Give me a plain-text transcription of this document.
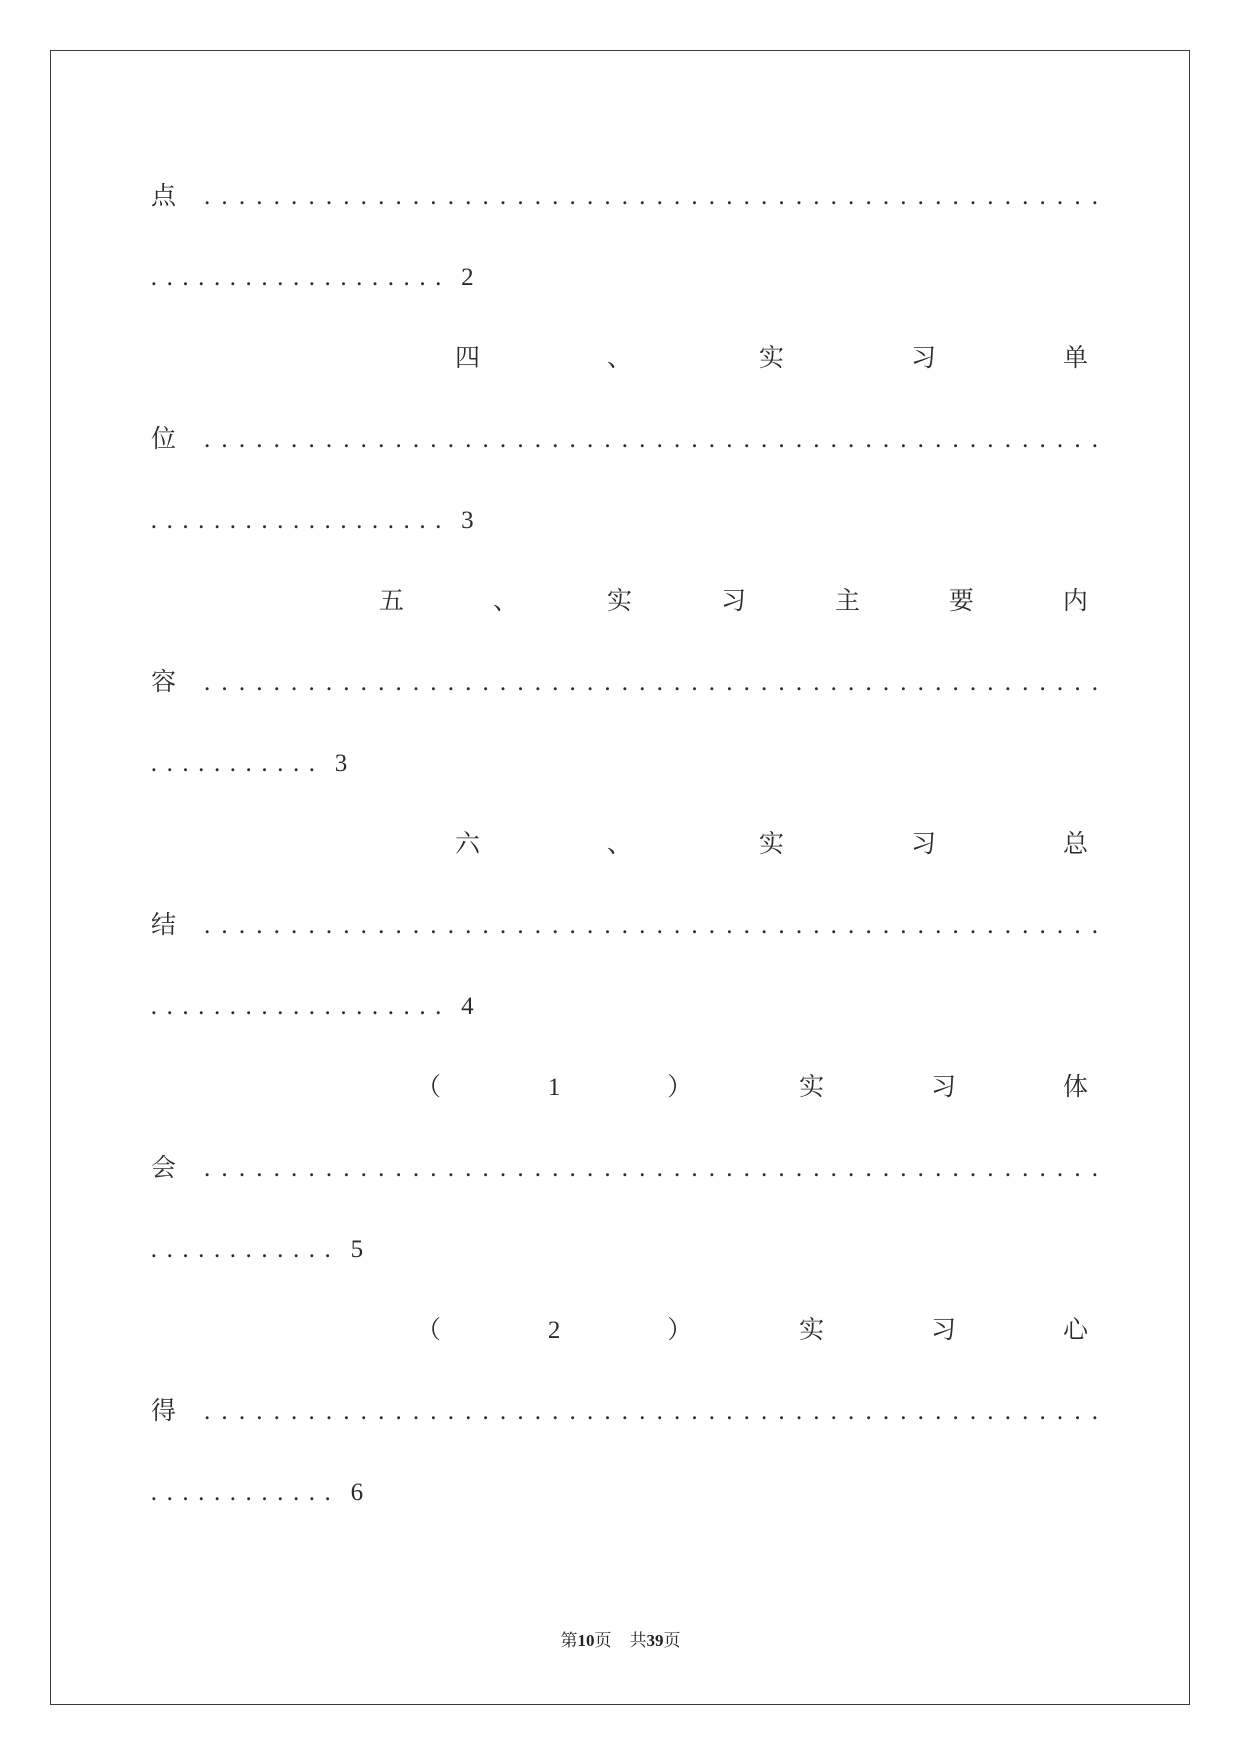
点 . . . . . . . . . . . . . . . . . . . . . . . . . . . . . . . . . . . . . . . . . . . . . . . . . . . .
. . . . . . . . . . . . . . . . . . . 2
四	、	实	习	单
位 . . . . . . . . . . . . . . . . . . . . . . . . . . . . . . . . . . . . . . . . . . . . . . . . . . . .
. . . . . . . . . . . . . . . . . . . 3
五	、	实	习	主	要	内
容 . . . . . . . . . . . . . . . . . . . . . . . . . . . . . . . . . . . . . . . . . . . . . . . . . . . .
. . . . . . . . . . . 3
六	、	实	习	总
结 . . . . . . . . . . . . . . . . . . . . . . . . . . . . . . . . . . . . . . . . . . . . . . . . . . . .
. . . . . . . . . . . . . . . . . . . 4
（	1	）	实	习	体
会 . . . . . . . . . . . . . . . . . . . . . . . . . . . . . . . . . . . . . . . . . . . . . . . . . . . .
. . . . . . . . . . . . 5
（	2	）	实	习	心
得 . . . . . . . . . . . . . . . . . . . . . . . . . . . . . . . . . . . . . . . . . . . . . . . . . . . .
. . . . . . . . . . . . 6
第10页 共39页
